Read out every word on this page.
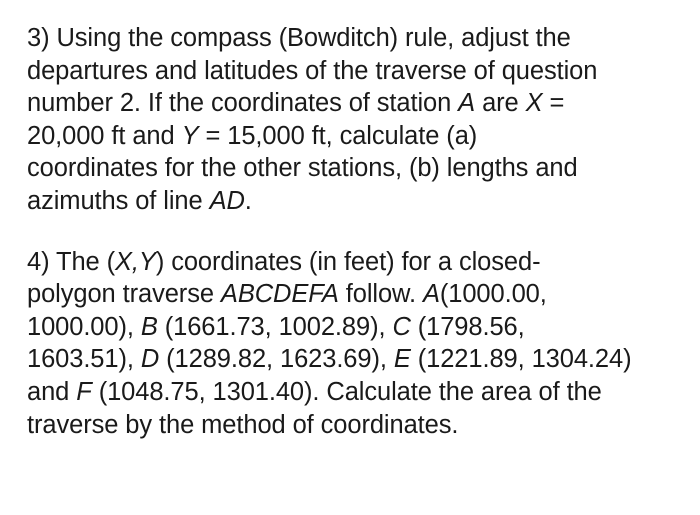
3) Using the compass (Bowditch) rule, adjust the
departures and latitudes of the traverse of question
number 2. If the coordinates of station A are X =
20,000 ft and Y = 15,000 ft, calculate (a)
coordinates for the other stations, (b) lengths and
azimuths of line AD.

4) The (X,Y) coordinates (in feet) for a closed-
polygon traverse ABCDEFA follow. A(1000.00,
1000.00), B (1661.73, 1002.89), C (1798.56,
1603.51), D (1289.82, 1623.69), E (1221.89, 1304.24)
and F (1048.75, 1301.40). Calculate the area of the
traverse by the method of coordinates.
